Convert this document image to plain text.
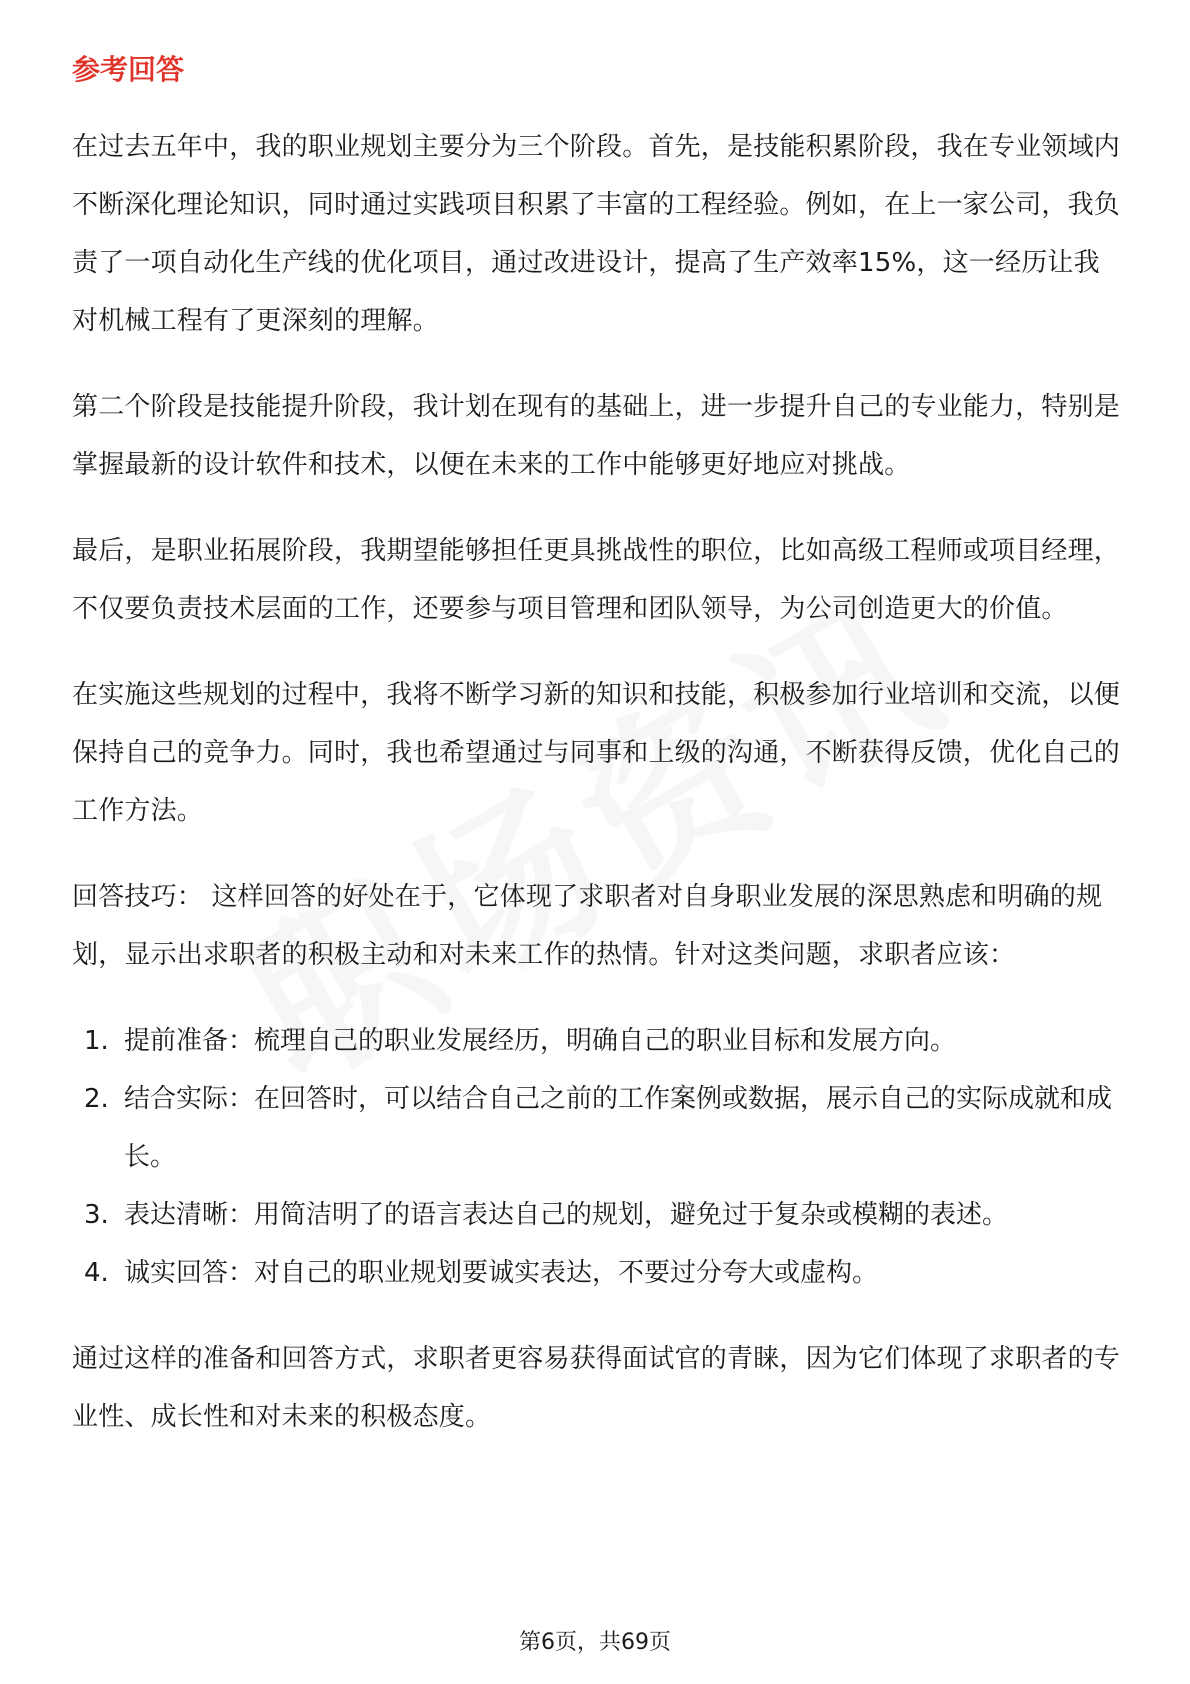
参考回答

在过去五年中，我的职业规划主要分为三个阶段。首先，是技能积累阶段，我在专业领域内不断深化理论知识，同时通过实践项目积累了丰富的工程经验。例如，在上一家公司，我负责了一项自动化生产线的优化项目，通过改进设计，提高了生产效率15%，这一经历让我对机械工程有了更深刻的理解。

第二个阶段是技能提升阶段，我计划在现有的基础上，进一步提升自己的专业能力，特别是掌握最新的设计软件和技术，以便在未来的工作中能够更好地应对挑战。

最后，是职业拓展阶段，我期望能够担任更具挑战性的职位，比如高级工程师或项目经理，不仅要负责技术层面的工作，还要参与项目管理和团队领导，为公司创造更大的价值。

在实施这些规划的过程中，我将不断学习新的知识和技能，积极参加行业培训和交流，以便保持自己的竞争力。同时，我也希望通过与同事和上级的沟通，不断获得反馈，优化自己的工作方法。

回答技巧： 这样回答的好处在于，它体现了求职者对自身职业发展的深思熟虑和明确的规划，显示出求职者的积极主动和对未来工作的热情。针对这类问题，求职者应该：

1. 提前准备：梳理自己的职业发展经历，明确自己的职业目标和发展方向。
2. 结合实际：在回答时，可以结合自己之前的工作案例或数据，展示自己的实际成就和成长。
3. 表达清晰：用简洁明了的语言表达自己的规划，避免过于复杂或模糊的表述。
4. 诚实回答：对自己的职业规划要诚实表达，不要过分夸大或虚构。

通过这样的准备和回答方式，求职者更容易获得面试官的青睐，因为它们体现了求职者的专业性、成长性和对未来的积极态度。

第6页，共69页
